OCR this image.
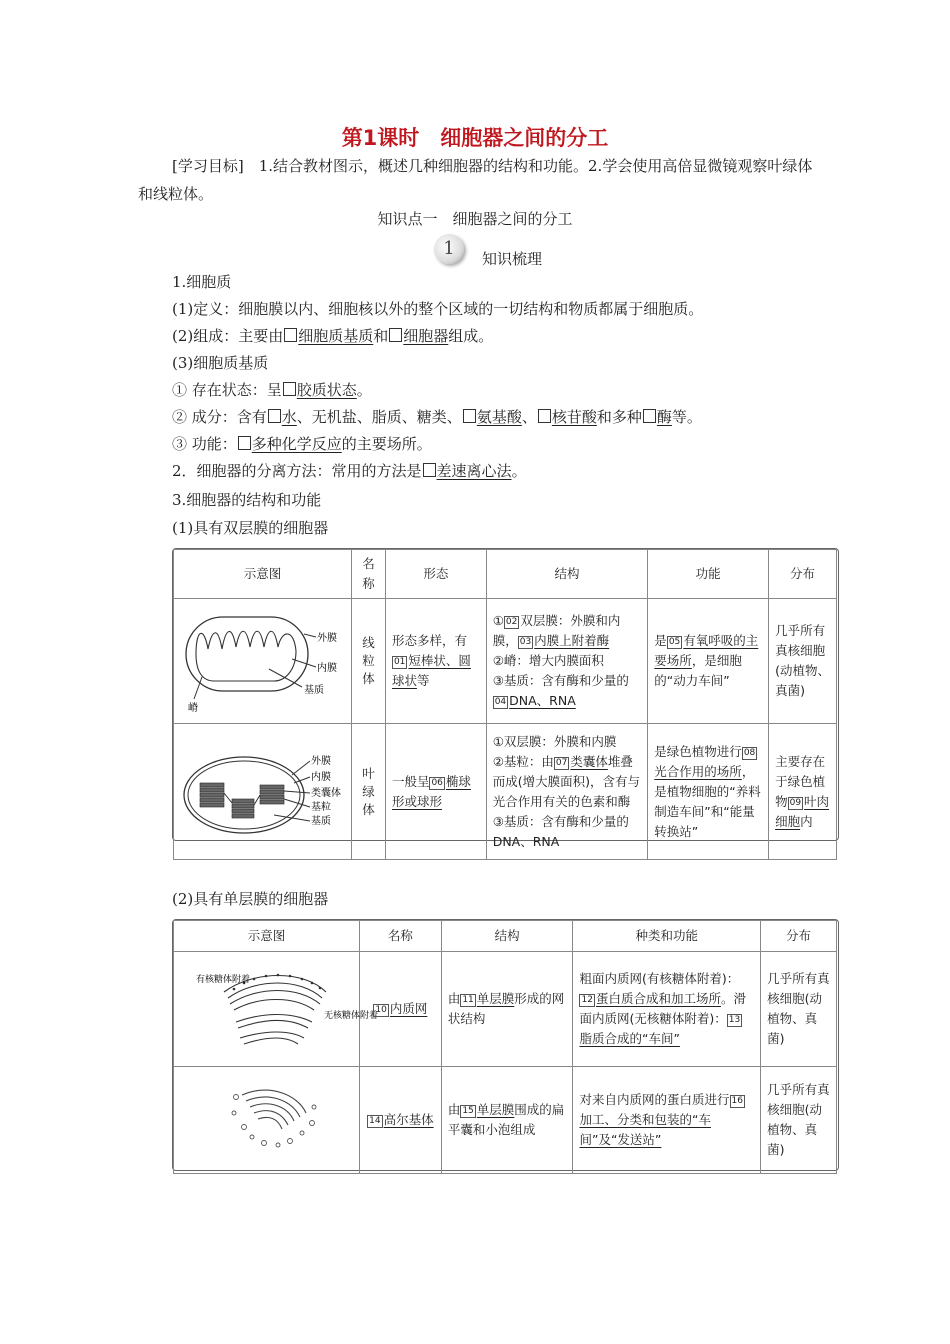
第1课时　细胞器之间的分工
[学习目标]　1.结合教材图示，概述几种细胞器的结构和功能。2.学会使用高倍显微镜观察叶绿体和线粒体。
知识点一　细胞器之间的分工
1	知识梳理
1.细胞质
(1)定义：细胞膜以内、细胞核以外的整个区域的一切结构和物质都属于细胞质。
(2)组成：主要由 细胞质基质和 细胞器组成。
(3)细胞质基质
① 存在状态：呈 胶质状态。
② 成分：含有 水、无机盐、脂质、糖类、 氨基酸、 核苷酸和多种 酶等。
③ 功能： 多种化学反应的主要场所。
2．细胞器的分离方法：常用的方法是 差速离心法。
3.细胞器的结构和功能
(1)具有双层膜的细胞器
示意图	名称	形态	结构	功能	分布

外膜
内膜
基质
嵴	线粒体	形态多样，有01 短棒状、圆球状等	① 02 双层膜：外膜和内膜， 03 内膜上附着酶
②嵴：增大内膜面积
③基质：含有酶和少量的04 DNA、RNA	是 05 有氧呼吸的主要场所，是细胞的“动力车间”	几乎所有真核细胞(动植物、真菌)

外膜
内膜
类囊体
基粒
基质	叶绿体	一般呈 06 椭球形或球形	①双层膜：外膜和内膜
②基粒：由 07 类囊体堆叠而成(增大膜面积)，含有与光合作用有关的色素和酶
③基质：含有酶和少量的DNA、RNA	是绿色植物进行 08光合作用的场所，是植物细胞的“养料制造车间”和“能量转换站”	主要存在于绿色植物 09 叶肉细胞内
(2)具有单层膜的细胞器
示意图	名称	结构	种类和功能	分布

有核糖体附着
无核糖体附着	10 内质网	由 11 单层膜形成的网状结构	粗面内质网(有核糖体附着)：12 蛋白质合成和加工场所。滑面内质网(无核糖体附着)： 13脂质合成的“车间”	几乎所有真核细胞(动植物、真菌)
	14 高尔基体	由 15 单层膜围成的扁平囊和小泡组成	对来自内质网的蛋白质进行 16加工、分类和包装的“车间”及“发送站”	几乎所有真核细胞(动植物、真菌)
